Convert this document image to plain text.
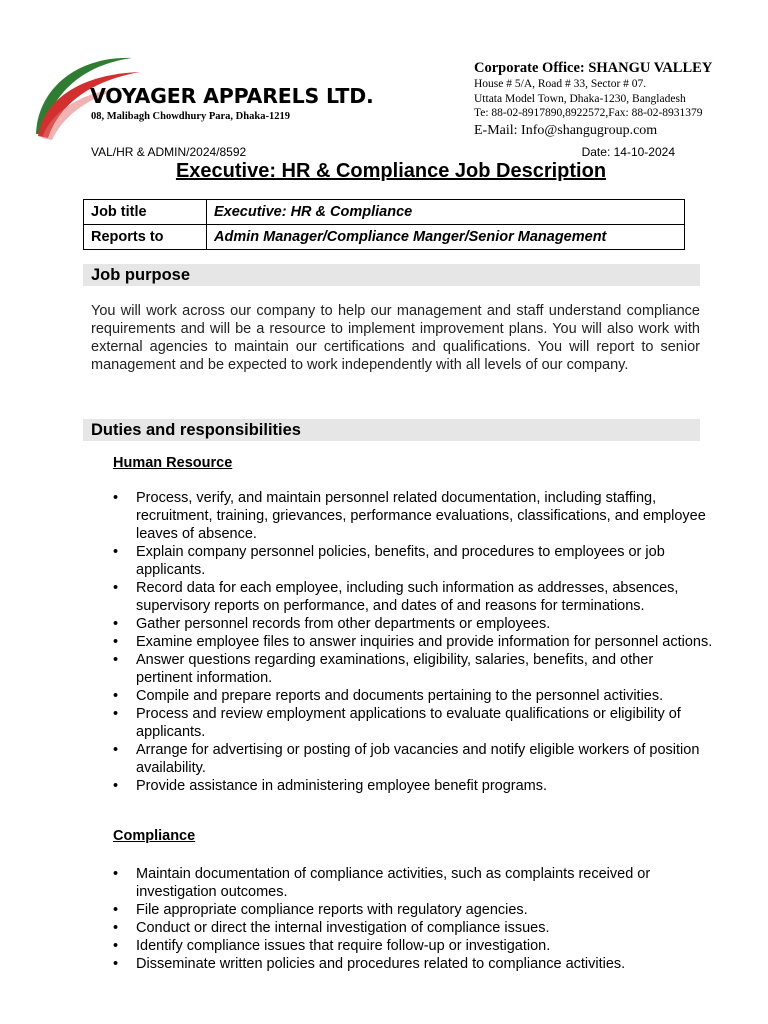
VOYAGER APPARELS LTD.
08, Malibagh Chowdhury Para, Dhaka-1219
Corporate Office: SHANGU VALLEY
House # 5/A, Road # 33, Sector # 07.
Uttata Model Town, Dhaka-1230, Bangladesh
Te: 88-02-8917890,8922572,Fax: 88-02-8931379
E-Mail: Info@shangugroup.com
VAL/HR & ADMIN/2024/8592	Date: 14-10-2024
Executive: HR & Compliance Job Description
Job title	Executive: HR & Compliance
Reports to	Admin Manager/Compliance Manger/Senior Management
Job purpose
You will work across our company to help our management and staff understand compliance requirements and will be a resource to implement improvement plans. You will also work with external agencies to maintain our certifications and qualifications. You will report to senior management and be expected to work independently with all levels of our company.
Duties and responsibilities
Human Resource
• Process, verify, and maintain personnel related documentation, including staffing, recruitment, training, grievances, performance evaluations, classifications, and employee leaves of absence.
• Explain company personnel policies, benefits, and procedures to employees or job applicants.
• Record data for each employee, including such information as addresses, absences, supervisory reports on performance, and dates of and reasons for terminations.
• Gather personnel records from other departments or employees.
• Examine employee files to answer inquiries and provide information for personnel actions.
• Answer questions regarding examinations, eligibility, salaries, benefits, and other pertinent information.
• Compile and prepare reports and documents pertaining to the personnel activities.
• Process and review employment applications to evaluate qualifications or eligibility of applicants.
• Arrange for advertising or posting of job vacancies and notify eligible workers of position availability.
• Provide assistance in administering employee benefit programs.
Compliance
• Maintain documentation of compliance activities, such as complaints received or investigation outcomes.
• File appropriate compliance reports with regulatory agencies.
• Conduct or direct the internal investigation of compliance issues.
• Identify compliance issues that require follow-up or investigation.
• Disseminate written policies and procedures related to compliance activities.
